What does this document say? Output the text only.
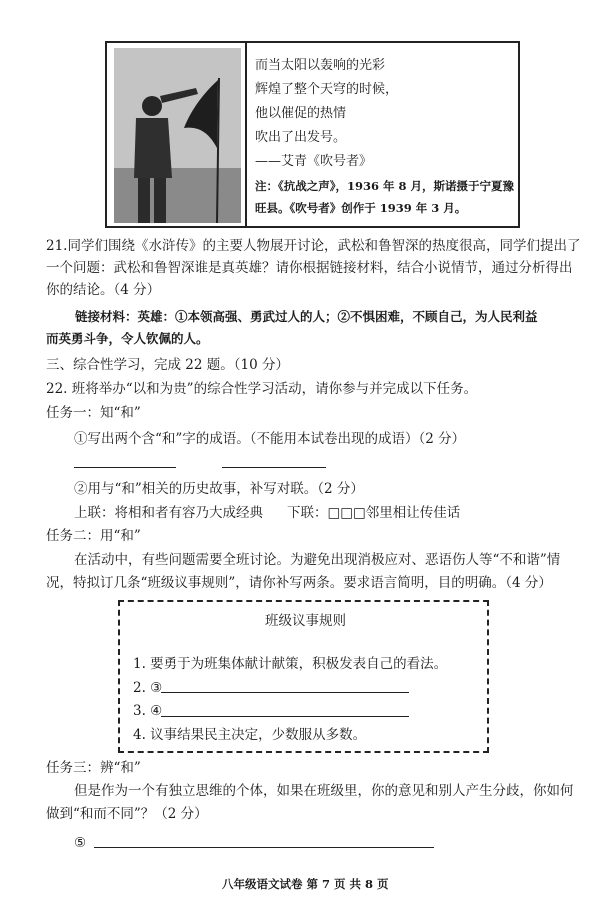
而当太阳以轰响的光彩
辉煌了整个天穹的时候，
他以催促的热情
吹出了出发号。
——艾青《吹号者》
注：《抗战之声》，1936 年 8 月，斯诺摄于宁夏豫旺县。《吹号者》创作于 1939 年 3 月。
21.同学们围绕《水浒传》的主要人物展开讨论，武松和鲁智深的热度很高，同学们提出了
一个问题：武松和鲁智深谁是真英雄？请你根据链接材料，结合小说情节，通过分析得出
你的结论。（4 分）
链接材料：英雄：①本领高强、勇武过人的人；②不惧困难，不顾自己，为人民利益
而英勇斗争，令人钦佩的人。
三、综合性学习，完成 22 题。（10 分）
22. 班将举办“以和为贵”的综合性学习活动，请你参与并完成以下任务。
任务一：知“和”
①写出两个含“和”字的成语。（不能用本试卷出现的成语）（2 分）
②用与“和”相关的历史故事，补写对联。（2 分）
上联：将相和者有容乃大成经典 下联：□□□邻里相让传佳话
任务二：用“和”
在活动中，有些问题需要全班讨论。为避免出现消极应对、恶语伤人等“不和谐”情
况，特拟订几条“班级议事规则”，请你补写两条。要求语言简明，目的明确。（4 分）
班级议事规则
1. 要勇于为班集体献计献策，积极发表自己的看法。
2. ③
3. ④
4. 议事结果民主决定，少数服从多数。
任务三：辨“和”
但是作为一个有独立思维的个体，如果在班级里，你的意见和别人产生分歧，你如何
做到“和而不同”？（2 分）
⑤
八年级语文试卷 第 7 页 共 8 页
